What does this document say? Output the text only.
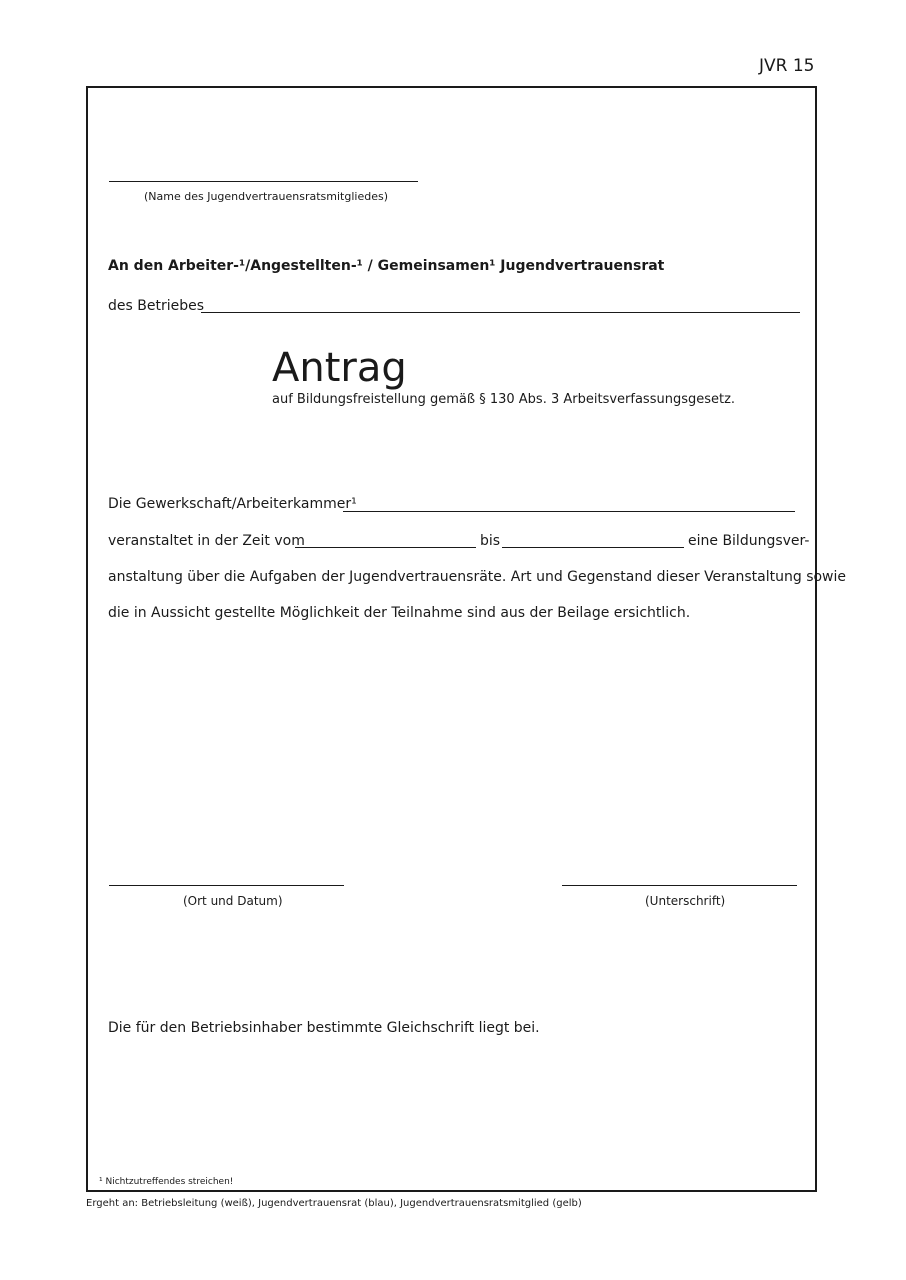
JVR 15
(Name des Jugendvertrauensratsmitgliedes)
An den Arbeiter-¹/Angestellten-¹ / Gemeinsamen¹ Jugendvertrauensrat
des Betriebes
Antrag
auf Bildungsfreistellung gemäß § 130 Abs. 3 Arbeitsverfassungsgesetz.
Die Gewerkschaft/Arbeiterkammer¹
veranstaltet in der Zeit vom	bis	eine Bildungsver-
anstaltung über die Aufgaben der Jugendvertrauensräte. Art und Gegenstand dieser Veranstaltung sowie
die in Aussicht gestellte Möglichkeit der Teilnahme sind aus der Beilage ersichtlich.
(Ort und Datum)	(Unterschrift)
Die für den Betriebsinhaber bestimmte Gleichschrift liegt bei.
¹ Nichtzutreffendes streichen!
Ergeht an: Betriebsleitung (weiß), Jugendvertrauensrat (blau), Jugendvertrauensratsmitglied (gelb)
